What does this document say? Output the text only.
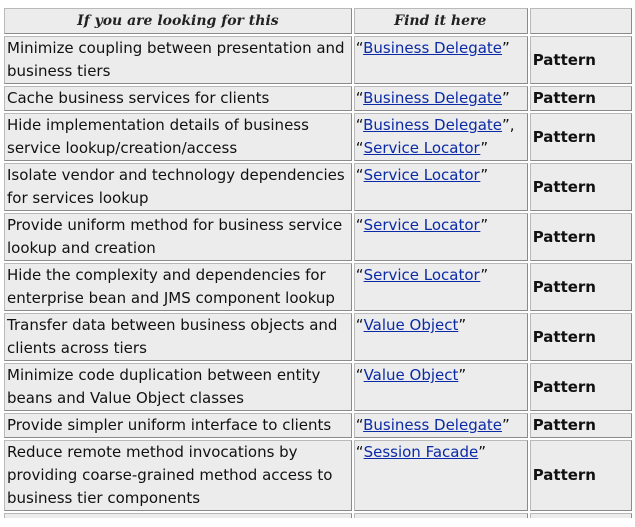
If you are looking for this	Find it here	
Minimize coupling between presentation and
business tiers	“Business Delegate”	Pattern
Cache business services for clients	“Business Delegate”	Pattern
Hide implementation details of business
service lookup/creation/access	“Business Delegate”,
“Service Locator”	Pattern
Isolate vendor and technology dependencies
for services lookup	“Service Locator”	Pattern
Provide uniform method for business service
lookup and creation	“Service Locator”	Pattern
Hide the complexity and dependencies for
enterprise bean and JMS component lookup	“Service Locator”	Pattern
Transfer data between business objects and
clients across tiers	“Value Object”	Pattern
Minimize code duplication between entity
beans and Value Object classes	“Value Object”	Pattern
Provide simpler uniform interface to clients	“Business Delegate”	Pattern
Reduce remote method invocations by
providing coarse-grained method access to
business tier components	“Session Facade”	Pattern
